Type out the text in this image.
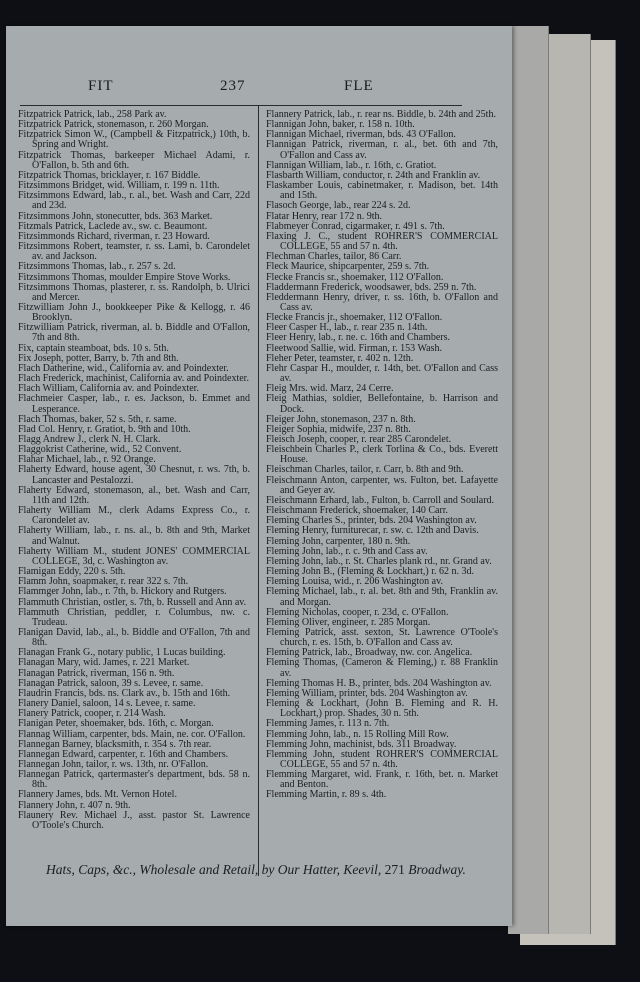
FIT	237	FLE
Fitzpatrick Patrick, lab., 258 Park av.
Fitzpatrick Patrick, stonemason, r. 260 Morgan.
Fitzpatrick Simon W., (Campbell & Fitzpatrick,) 10th, b. Spring and Wright.
Fitzpatrick Thomas, barkeeper Michael Adami, r. O'Fallon, b. 5th and 6th.
Fitzpatrick Thomas, bricklayer, r. 167 Biddle.
Fitzsimmons Bridget, wid. William, r. 199 n. 11th.
Fitzsimmons Edward, lab., r. al., bet. Wash and Carr, 22d and 23d.
Fitzsimmons John, stonecutter, bds. 363 Market.
Fitzmals Patrick, Laclede av., sw. c. Beaumont.
Fitzsimmonds Richard, riverman, r. 23 Howard.
Fitzsimmons Robert, teamster, r. ss. Lami, b. Carondelet av. and Jackson.
Fitzsimmons Thomas, lab., r. 257 s. 2d.
Fitzsimmons Thomas, moulder Empire Stove Works.
Fitzsimmons Thomas, plasterer, r. ss. Randolph, b. Ulrici and Mercer.
Fitzwilliam John J., bookkeeper Pike & Kellogg, r. 46 Brooklyn.
Fitzwilliam Patrick, riverman, al. b. Biddle and O'Fallon, 7th and 8th.
Fix, captain steamboat, bds. 10 s. 5th.
Fix Joseph, potter, Barry, b. 7th and 8th.
Flach Datherine, wid., California av. and Poindexter.
Flach Frederick, machinist, California av. and Poindexter.
Flach William, California av. and Poindexter.
Flachmeier Casper, lab., r. es. Jackson, b. Emmet and Lesperance.
Flach Thomas, baker, 52 s. 5th, r. same.
Flad Col. Henry, r. Gratiot, b. 9th and 10th.
Flagg Andrew J., clerk N. H. Clark.
Flaggokrist Catherine, wid., 52 Convent.
Flahar Michael, lab., r. 92 Orange.
Flaherty Edward, house agent, 30 Chesnut, r. ws. 7th, b. Lancaster and Pestalozzi.
Flaherty Edward, stonemason, al., bet. Wash and Carr, 11th and 12th.
Flaherty William M., clerk Adams Express Co., r. Carondelet av.
Flaherty William, lab., r. ns. al., b. 8th and 9th, Market and Walnut.
Flaherty William M., student JONES' COMMERCIAL COLLEGE, 3d, c. Washington av.
Flamigan Eddy, 220 s. 5th.
Flamm John, soapmaker, r. rear 322 s. 7th.
Flammger John, lab., r. 7th, b. Hickory and Rutgers.
Flammuth Christian, ostler, s. 7th, b. Russell and Ann av.
Flammuth Christian, peddler, r. Columbus, nw. c. Trudeau.
Flanigan David, lab., al., b. Biddle and O'Fallon, 7th and 8th.
Flanagan Frank G., notary public, 1 Lucas building.
Flanagan Mary, wid. James, r. 221 Market.
Flanagan Patrick, riverman, 156 n. 9th.
Flanagan Patrick, saloon, 39 s. Levee, r. same.
Flaudrin Francis, bds. ns. Clark av., b. 15th and 16th.
Flanery Daniel, saloon, 14 s. Levee, r. same.
Flanery Patrick, cooper, r. 214 Wash.
Flanigan Peter, shoemaker, bds. 16th, c. Morgan.
Flannag William, carpenter, bds. Main, ne. cor. O'Fallon.
Flannegan Barney, blacksmith, r. 354 s. 7th rear.
Flannegan Edward, carpenter, r. 16th and Chambers.
Flannegan John, tailor, r. ws. 13th, nr. O'Fallon.
Flannegan Patrick, qartermaster's department, bds. 58 n. 8th.
Flannery James, bds. Mt. Vernon Hotel.
Flannery John, r. 407 n. 9th.
Flaunery Rev. Michael J., asst. pastor St. Lawrence O'Toole's Church.
Flannery Patrick, lab., r. rear ns. Biddle, b. 24th and 25th.
Flannigan John, baker, r. 158 n. 10th.
Flannigan Michael, riverman, bds. 43 O'Fallon.
Flannigan Patrick, riverman, r. al., bet. 6th and 7th, O'Fallon and Cass av.
Flannigan William, lab., r. 16th, c. Gratiot.
Flasbarth William, conductor, r. 24th and Franklin av.
Flaskamber Louis, cabinetmaker, r. Madison, bet. 14th and 15th.
Flasoch George, lab., rear 224 s. 2d.
Flatar Henry, rear 172 n. 9th.
Flabmeyer Conrad, cigarmaker, r. 491 s. 7th.
Flaxing J. C., student ROHRER'S COMMERCIAL COLLEGE, 55 and 57 n. 4th.
Flechman Charles, tailor, 86 Carr.
Fleck Maurice, shipcarpenter, 259 s. 7th.
Flecke Francis sr., shoemaker, 112 O'Fallon.
Fladdermann Frederick, woodsawer, bds. 259 n. 7th.
Fleddermann Henry, driver, r. ss. 16th, b. O'Fallon and Cass av.
Flecke Francis jr., shoemaker, 112 O'Fallon.
Fleer Casper H., lab., r. rear 235 n. 14th.
Fleer Henry, lab., r. ne. c. 16th and Chambers.
Fleetwood Sallie, wid. Firman, r. 153 Wash.
Fleher Peter, teamster, r. 402 n. 12th.
Flehr Caspar H., moulder, r. 14th, bet. O'Fallon and Cass av.
Fleig Mrs. wid. Marz, 24 Cerre.
Fleig Mathias, soldier, Bellefontaine, b. Harrison and Dock.
Fleiger John, stonemason, 237 n. 8th.
Fleiger Sophia, midwife, 237 n. 8th.
Fleisch Joseph, cooper, r. rear 285 Carondelet.
Fleischbein Charles P., clerk Torlina & Co., bds. Everett House.
Fleischman Charles, tailor, r. Carr, b. 8th and 9th.
Fleischmann Anton, carpenter, ws. Fulton, bet. Lafayette and Geyer av.
Fleischmann Erhard, lab., Fulton, b. Carroll and Soulard.
Fleischmann Frederick, shoemaker, 140 Carr.
Fleming Charles S., printer, bds. 204 Washington av.
Fleming Henry, furniturecar, r. sw. c. 12th and Davis.
Fleming John, carpenter, 180 n. 9th.
Fleming John, lab., r. c. 9th and Cass av.
Fleming John, lab., r. St. Charles plank rd., nr. Grand av.
Fleming John B., (Fleming & Lockhart,) r. 62 n. 3d.
Fleming Louisa, wid., r. 206 Washington av.
Fleming Michael, lab., r. al. bet. 8th and 9th, Franklin av. and Morgan.
Fleming Nicholas, cooper, r. 23d, c. O'Fallon.
Fleming Oliver, engineer, r. 285 Morgan.
Fleming Patrick, asst. sexton, St. Lawrence O'Toole's church, r. es. 15th, b. O'Fallon and Cass av.
Fleming Patrick, lab., Broadway, nw. cor. Angelica.
Fleming Thomas, (Cameron & Fleming,) r. 88 Franklin av.
Fleming Thomas H. B., printer, bds. 204 Washington av.
Fleming William, printer, bds. 204 Washington av.
Fleming & Lockhart, (John B. Fleming and R. H. Lockhart,) prop. Shades, 30 n. 5th.
Flemming James, r. 113 n. 7th.
Flemming John, lab., n. 15 Rolling Mill Row.
Flemming John, machinist, bds. 311 Broadway.
Flemming John, student ROHRER'S COMMERCIAL COLLEGE, 55 and 57 n. 4th.
Flemming Margaret, wid. Frank, r. 16th, bet. n. Market and Benton.
Flemming Martin, r. 89 s. 4th.
Hats, Caps, &c., Wholesale and Retail, by Our Hatter, Keevil, 271 Broadway.
